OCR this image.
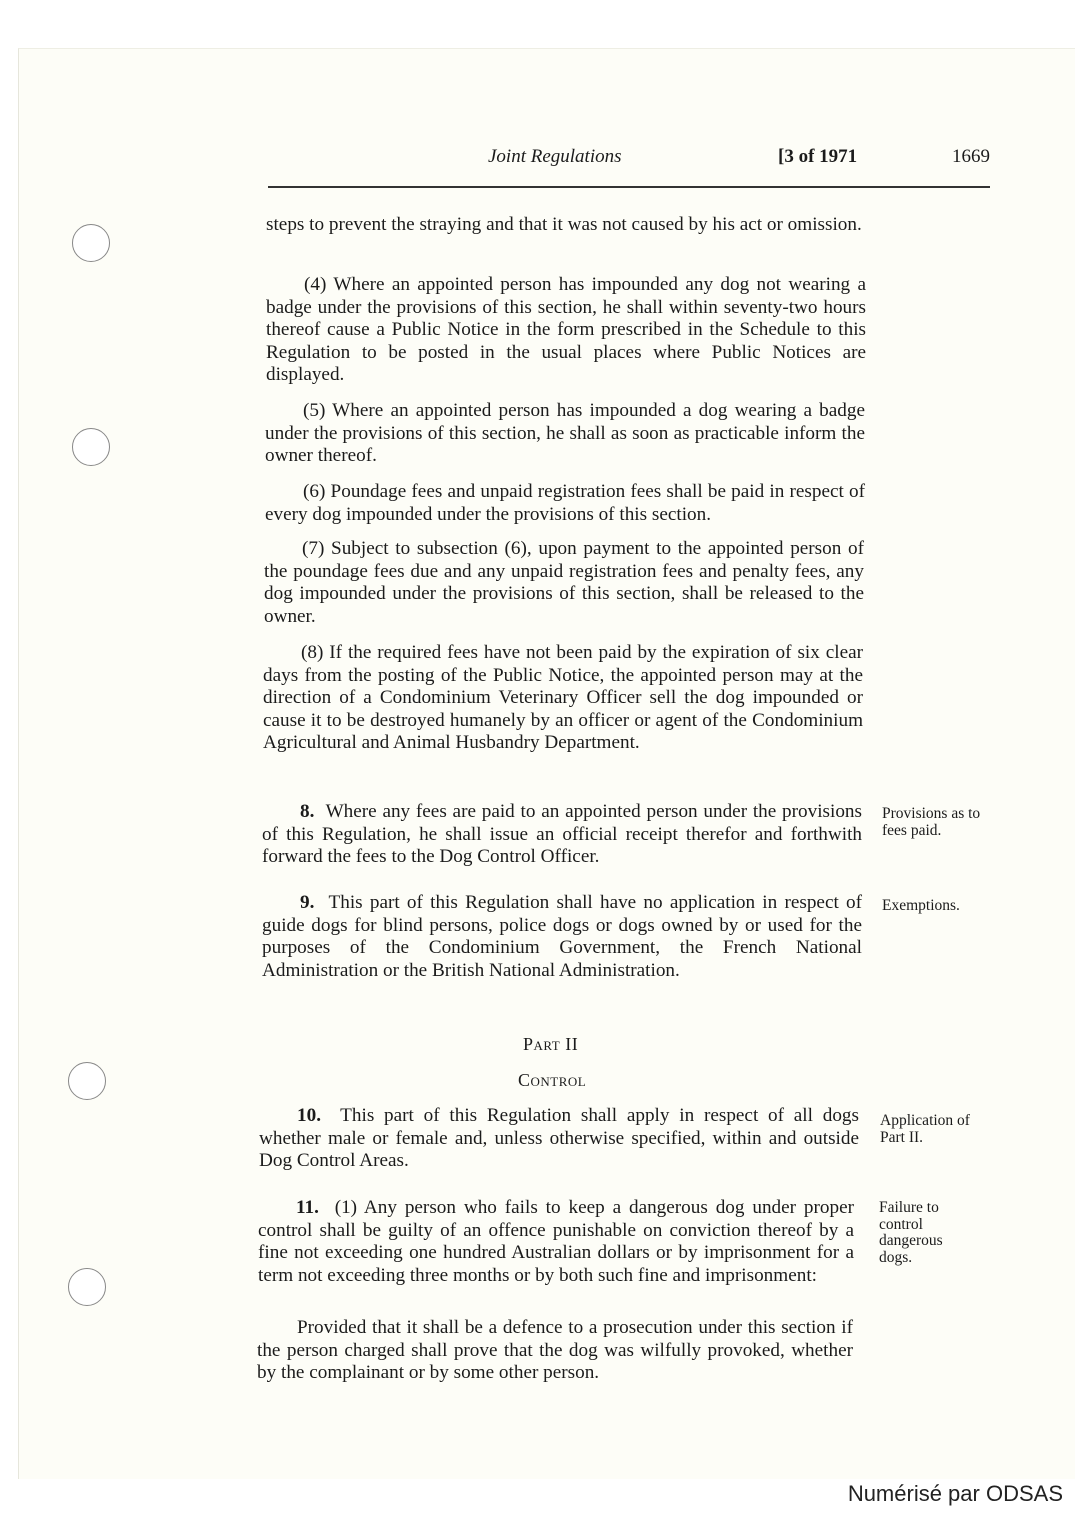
Joint Regulations	[3 of 1971	1669
steps to prevent the straying and that it was not caused by his act or omission.
(4) Where an appointed person has impounded any dog not wearing a badge under the provisions of this section, he shall within seventy-two hours thereof cause a Public Notice in the form prescribed in the Schedule to this Regulation to be posted in the usual places where Public Notices are displayed.
(5) Where an appointed person has impounded a dog wearing a badge under the provisions of this section, he shall as soon as practicable inform the owner thereof.
(6) Poundage fees and unpaid registration fees shall be paid in respect of every dog impounded under the provisions of this section.
(7) Subject to subsection (6), upon payment to the appointed person of the poundage fees due and any unpaid registration fees and penalty fees, any dog impounded under the provisions of this section, shall be released to the owner.
(8) If the required fees have not been paid by the expiration of six clear days from the posting of the Public Notice, the appointed person may at the direction of a Condominium Veterinary Officer sell the dog impounded or cause it to be destroyed humanely by an officer or agent of the Condominium Agricultural and Animal Husbandry Department.
8. Where any fees are paid to an appointed person under the provisions of this Regulation, he shall issue an official receipt therefor and forthwith forward the fees to the Dog Control Officer.
Provisions as to fees paid.
9. This part of this Regulation shall have no application in respect of guide dogs for blind persons, police dogs or dogs owned by or used for the purposes of the Condominium Government, the French National Administration or the British National Administration.
Exemptions.
Part II
Control
10. This part of this Regulation shall apply in respect of all dogs whether male or female and, unless otherwise specified, within and outside Dog Control Areas.
Application of Part II.
11. (1) Any person who fails to keep a dangerous dog under proper control shall be guilty of an offence punishable on conviction thereof by a fine not exceeding one hundred Australian dollars or by imprisonment for a term not exceeding three months or by both such fine and imprisonment:
Failure to control dangerous dogs.
Provided that it shall be a defence to a prosecution under this section if the person charged shall prove that the dog was wilfully provoked, whether by the complainant or by some other person.
Numérisé par ODSAS
